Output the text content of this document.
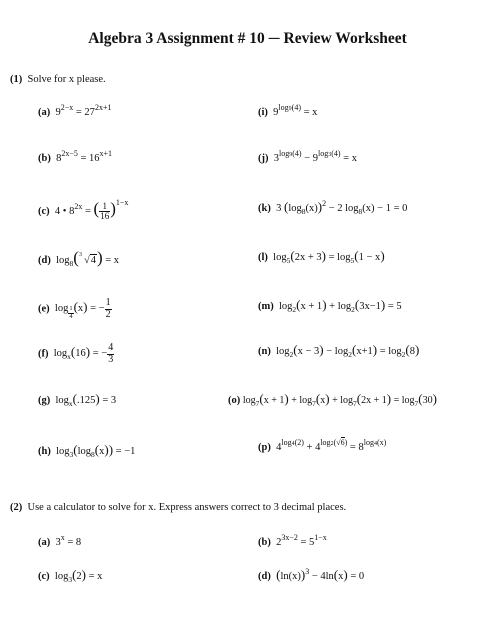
Algebra 3 Assignment # 10 ─ Review Worksheet
(1) Solve for x please.
(a) $9^{2-x} = 27^{2x+1}$
(b) $8^{2x-5} = 16^{x+1}$
(c) 4 • $8^{2x}$ = ( $\frac{1}{16} )^{1-x}$
(d) $\log_8$( 3 √4) = x
(e) $\log \frac{1}{4} (x)$ = − $\frac{1}{2}$
(f) $\log_x(16)$ = − $\frac{4}{3}$
(g) $\log_x(.125) = 3$
(h) $\log_3(\log_8(x)) = -1$
(i) $9^{log9(4)} = x$
(j) $3^{log9(4)} - 9^{log3(4)} = x$
(k) 3 $(\log_8(x))^2 - 2$ $\log_8(x) - 1 = 0$
(l) $\log_5(2x + 3) = \log_5(1 - x)$
(m) $\log_2(x + 1) + \log_2(3x-1) = 5$
(n) $\log_2(x - 3) - \log_2(x+1) = \log_2(8)$
(o) $\log_7(x + 1) + \log_7(x) + \log_7(2x + 1) = \log_7(30)$
(p) $4^{log4(2)} + 4^{log2(√6)} = 8^{log4(x)}$
(2) Use a calculator to solve for x. Express answers correct to 3 decimal places.
(a) $3^x = 8$	(b) $2^{3x-2} = 5^{1-x}$
(c) $\log_3(2) = x$	(d) $(\ln(x))^3 - 4\ln(x) = 0$
